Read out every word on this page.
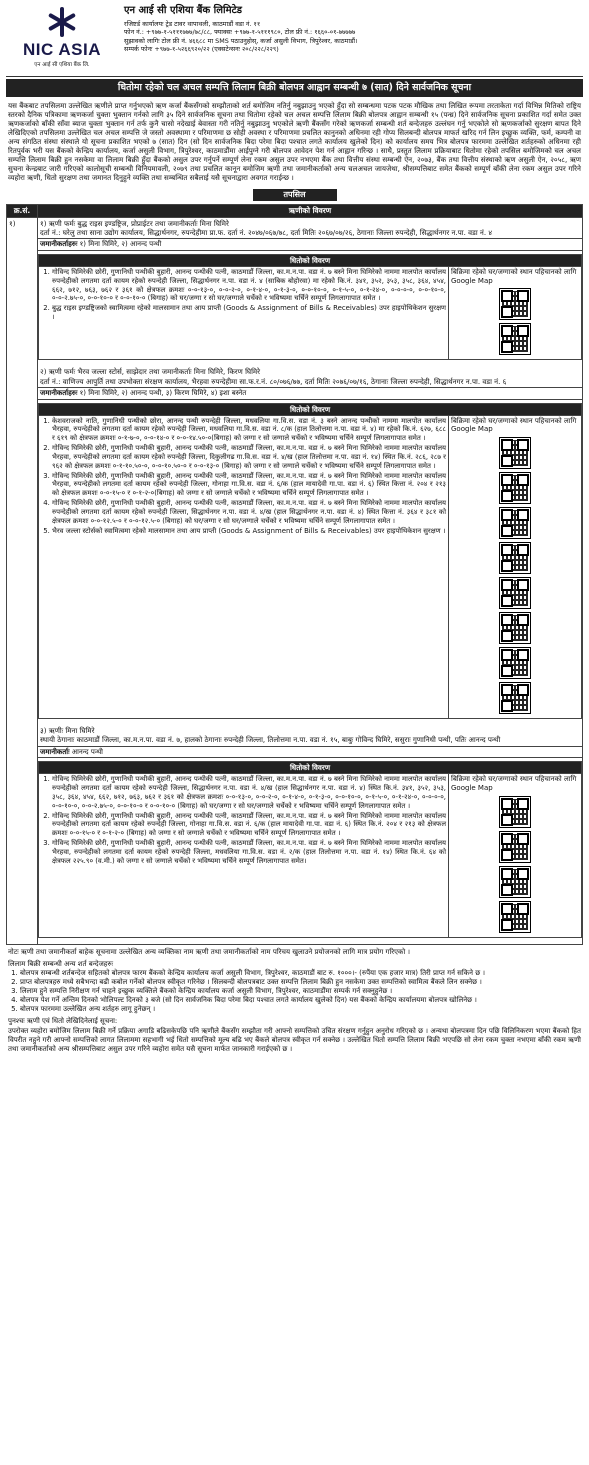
NIC ASIA
एन आई सी एशिया बैंक लि.
एन आई सी एशिया बैंक लिमिटेड
रजिष्टर्ड कार्यालयः ट्रेड टावर थापाथली, काठमाडौं वडा नं. ११
फोन नं.: +९७७-१-५१११७७७/७८/८८, फ्याक्सः +९७७-१-५१११९८०, टोल फ्री नं.: १६६०-०१-७७७७७
सुझावको लागिः टोल फ्री नं. ४६६८८ मा SMS पठाउनुहोस्, कर्जा असुली विभाग, त्रिपुरेश्वर, काठमाडौं।
सम्पर्क फोनः +९७७-१-५२६६९२०/२२ (एक्सटेन्सनः २०८/२२८/२२९)
धितोमा रहेको चल अचल सम्पत्ति लिलाम बिक्री बोलपत्र आह्वान सम्बन्धी ७ (सात) दिने सार्वजनिक सूचना
यस बैंकबाट तपसिलमा उल्लेखित ऋणीले प्राप्त गर्नुभएको ऋण कर्जा बैंकसँगको सम्झौताको शर्त बमोजिम नतिर्नु नबुझाउनु भएको हुँदा सो सम्बन्धमा पटक पटक मौखिक तथा लिखित रूपमा तरताकेता गर्दा विभिन्न मितिको राष्ट्रिय स्तरको दैनिक पत्रिकामा ऋणकर्जा चुक्ता भुक्तान गर्नको लागि ३५ दिने सार्वजनिक सूचना तथा धितोमा रहेको चल अचल सम्पत्ति लिलाम बिक्री बोलपत्र आह्वान सम्बन्धी १५ (पन्ध्र) दिने सार्वजनिक सूचना प्रकाशित गर्दा समेत उक्त ऋणकर्जाको बाँकी साँवा ब्याज चुक्ता भुक्तान गर्न तर्फ कुनै चासो नदेखाई बेवास्ता गरी नतिर्नु नबुझाउनु भएकोले ऋणी बैंकसँग गरेको ऋणकर्जा सम्बन्धी शर्त बन्देजहरु उल्लंघन गर्नु भएकोले सो ऋणकर्जाको सुरक्षण बापत दिने लेखिदिएको तपसिलमा उल्लेखित चल अचल सम्पत्ति जे जस्तो अवस्थामा र परिमाणमा छ सोही अवस्था र परिमाणमा प्रचलित कानुनको अधिनमा रही गोप्य सिलबन्दी बोलपत्र माफर्त खरिद गर्न लिन इच्छुक व्यक्ति, फर्म, कम्पनी वा अन्य संगठित संस्था संस्थाले यो सूचना प्रकाशित भएको ७ (सात) दिन (सो दिन सार्वजनिक बिदा परेमा बिदा पश्चात लगते कार्यालय खुलेको दिन) को कार्यालय समय भित्र बोलपत्र फारममा उल्लेखित शर्तहरुको अधिनमा रही रितपुर्वक भरी यस बैंकको केन्द्रिय कार्यालय, कर्जा असुली विभाग, त्रिपुरेश्वर, काठमाडौंमा आईपुग्ने गरी बोलपत्र आवेदन पेश गर्न आह्वान गरिन्छ । साथै, प्रस्तुत लिलाम प्रक्रियाबाट धितोमा रहेको तपसिल बमोजिमको चल अचल सम्पत्ति लिलाम बिक्री हुन नसकेमा वा लिलाम बिक्री हुँदा बैंकको असुल उपर गर्नुपर्ने सम्पूर्ण लेना रकम असुल उपर नभएमा बैंक तथा वित्तीय संस्था सम्बन्धी ऐन, २०७३, बैंक तथा वित्तीय संस्थाको ऋण असुली ऐन, २०५८, ऋण सुचना केन्द्रबाट जारी गरिएको कालोसूची सम्बन्धी विनियमावली, २०७९ तथा प्रचलित कानून बमोजिम ऋणी तथा जमानीकर्ताको अन्य चलअचल जायजेथा, श्रीसम्पत्तिबाट समेत बैंकको सम्पूर्ण बाँकी लेना रकम असुल उपर गरिने व्यहोरा ऋणी, धितो सुरक्षण तथा जमानत दिनुहुने व्यक्ति तथा सम्बन्धित सबैलाई यसै सूचनाद्वारा अवगत गराईन्छ ।
तपसिल
क्र.सं.	ऋणीको विवरण
१)		१) ऋणी फर्मः बुद्ध राइस इण्डष्ट्रिज, प्रोप्राईटर तथा जमानीकर्ताः मिना घिमिरे
दर्ता नं.: घरेलु तथा साना उद्योग कार्यालय, सिद्धार्थनगर, रुपन्देहीमा प्रा.फ. दर्ता नं. २०४७/०६७/७८, दर्ता मितिः २०६७/०७/२६, ठेगानाः जिल्ला रुपन्देही, सिद्धार्थनगर न.पा. वडा नं. ४
जमानीकर्ताहरुः १) मिना घिमिरे, २) आनन्द पन्थी
धितोको विवरण

1. गोविन्द घिमिरेकी छोरी, गुणानिधी पन्थीकी बुहारी, आनन्द पन्थीकी पत्नी, काठमाडौं जिल्ला, का.म.न.पा. वडा नं. ७ बस्ने मिना घिमिरेको नाममा मालपोत कार्यालय रुपन्देहीको लगतमा दर्ता कायम रहेको रुपन्देही जिल्ला, सिद्धार्थनगर न.पा. वडा नं. ४ (साबिक बोहोरवा) मा रहेको कि.नं. ३४१, ३५२, ३५३, ३५८, ३६४, ४५४, ६६२, ७१२, ७६३, ७६२ र ३६१ को क्षेत्रफल क्रमशः ०-०-१३-०, ०-०-२-०, ०-१-४-०, ०-१-३-०, ०-०-१०-०, ०-१-५-०, ०-१-२४-०, ०-०-०-०, ०-०-१०-०, ०-०-२.७५-०, ०-०-१०-० र ०-०-१०-० (बिगाह) को घर/जग्गा र सो घर/जग्गाले चर्चेको र भविष्यमा चर्चिने सम्पूर्ण लिगलागापात समेत ।
2. बुद्ध राइस इण्डष्ट्रिजको स्वामित्वमा रहेको मालसामान तथा आय प्राप्ती (Goods & Assignment of Bills & Receivables) उपर हाइपोथिकेशन सुरक्षण ।

बिक्रिमा रहेको घर/जग्गाको स्थान पहिचानको लागि Google Map
२) ऋणी फर्मः भैरव जल्ला स्टोर्स, साझेदार तथा जमानीकर्ताः मिना घिमिरे, किरण घिमिरे
दर्ता नं.: वाणिज्य आपुर्ति तथा उपभोक्ता संरक्षण कार्यालय, भैरहवा रुपन्देहीमा सा.फ.र.नं. ८०/०७६/७७, दर्ता मितिः २०७६/०७/१६, ठेगानाः जिल्ला रुपन्देही, सिद्धार्थनगर न.पा. वडा नं. ६
जमानीकर्ताहरुः १) मिना घिमिरे, २) आनन्द पन्थी, ३) किरण घिमिरे, ४) इशा बस्नेत
धितोको विवरण

1. केशवराजको नाति, गुणानिधी पन्थीको छोरा, आनन्द पन्थी रुपन्देही जिल्ला, मधवलिया गा.वि.स. वडा नं. ३ बस्ने आनन्द पन्थीको नाममा मालपोत कार्यालय भैरहवा, रुपन्देहीको लगतमा दर्ता कायम रहेको रुपन्देही जिल्ला, मधवलिया गा.वि.स. वडा नं. ८/क (हाल तिलोत्तमा न.पा. वडा नं. ४) मा रहेको कि.नं. ६२७, ६८८ र ६१९ को क्षेत्रफल क्रमशः ०-१-७-०, ०-०-१४-० र ०-०-१४.५०-०(बिगाह) को जग्गा र सो जग्गाले चर्चेको र भविष्यमा चर्चिने सम्पूर्ण लिगलागापात समेत ।
2. गोविन्द घिमिरेकी छोरी, गुणानिधी पन्थीकी बुहारी, आनन्द पन्थीकी पत्नी, काठमाडौं जिल्ला, का.म.न.पा. वडा नं. ७ बस्ने मिना घिमिरेको नाममा मालपोत कार्यालय भैरहवा, रुपन्देहीको लगतमा दर्ता कायम रहेको रुपन्देही जिल्ला, दिकुलीगढ गा.वि.स. वडा नं. ४/ख (हाल तिलोत्तमा न.पा. वडा नं. १४) स्थित कि.नं. २८६, २८७ र ९६२ को क्षेत्रफल क्रमशः ०-१-१०.५०-०, ०-०-१०.५०-० र ०-०-१३-० (बिगाह) को जग्गा र सो जग्गाले चर्चेको र भविष्यमा चर्चिने सम्पूर्ण लिगलागापात समेत ।
3. गोविन्द घिमिरेकी छोरी, गुणानिधी पन्थीकी बुहारी, आनन्द पन्थीकी पत्नी, काठमाडौं जिल्ला, का.म.न.पा. वडा नं. ७ बस्ने मिना घिमिरेको नाममा मालपोत कार्यालय भैरहवा, रुपन्देहीको लगतमा दर्ता कायम रहेको रुपन्देही जिल्ला, गोनाहा गा.वि.स. वडा नं. ६/क (हाल मायादेवी गा.पा. वडा नं. ६) स्थित कित्ता नं. २०४ र २१३ को क्षेत्रफल क्रमशः ०-०-१५-० र ०-१-२-०(बिगाह) को जग्गा र सो जग्गाले चर्चेको र भविष्यमा चर्चिने सम्पूर्ण लिगलागापात समेत ।
4. गोविन्द घिमिरेकी छोरी, गुणानिधी पन्थीकी बुहारी, आनन्द पन्थीकी पत्नी, काठमाडौं जिल्ला, का.म.न.पा. वडा नं. ७ बस्ने मिना घिमिरेको नाममा मालपोत कार्यालय रुपन्देहीको लगतमा दर्ता कायम रहेको रुपन्देही जिल्ला, सिद्धार्थनगर न.पा. वडा नं. ४/ख (हाल सिद्धार्थनगर न.पा. वडा नं. ४) स्थित कित्ता नं. ३६४ र ३८१ को क्षेत्रफल क्रमशः ०-०-१२.५-० र ०-०-१२.५-० (बिगाह) को घर/जग्गा र सो घर/जग्गाले चर्चेको र भविष्यमा चर्चिने सम्पूर्ण लिगलागापात समेत ।
5. भैरव जल्ला स्टोर्सको स्वामित्वमा रहेको मालसामान तथा आय प्राप्ती (Goods & Assignment of Bills & Receivables) उपर हाइपोथिकेशन सुरक्षण ।

बिक्रिमा रहेको घर/जग्गाको स्थान पहिचानको लागि Google Map
३) ऋणीः मिना घिमिरे
स्थायी ठेगानाः काठमाडौं जिल्ला, का.म.न.पा. वडा नं. ७, हालको ठेगानाः रुपन्देही जिल्ला, तिलोत्तमा न.पा. वडा नं. १५, बाबुः गोविन्द घिमिरे, ससुराः गुणानिधी पन्थी, पतिः आनन्द पन्थी
जमानीकर्ताः आनन्द पन्थी
धितोको विवरण

1. गोविन्द घिमिरेकी छोरी, गुणानिधी पन्थीकी बुहारी, आनन्द पन्थीकी पत्नी, काठमाडौं जिल्ला, का.म.न.पा. वडा नं. ७ बस्ने मिना घिमिरेको नाममा मालपोत कार्यालय रुपन्देहीको लगतमा दर्ता कायम रहेको रुपन्देही जिल्ला, सिद्धार्थनगर न.पा. वडा नं. ४/ख (हाल सिद्धार्थनगर न.पा. वडा नं. ४) स्थित कि.नं. ३४१, ३५२, ३५३, ३५८, ३६४, ४५४, ६६२, ७१२, ७६३, ७६२ र ३६१ को क्षेत्रफल क्रमशः ०-०-१३-०, ०-०-२-०, ०-१-४-०, ०-१-३-०, ०-०-१०-०, ०-१-५-०, ०-१-२४-०, ०-०-०-०, ०-०-१०-०, ०-०-२.७५-०, ०-०-१०-० र ०-०-१०-० (बिगाह) को घर/जग्गा र सो घर/जग्गाले चर्चेको र भविष्यमा चर्चिने सम्पूर्ण लिगलागापात समेत ।
2. गोविन्द घिमिरेकी छोरी, गुणानिधी पन्थीकी बुहारी, आनन्द पन्थीकी पत्नी, काठमाडौं जिल्ला, का.म.न.पा. वडा नं. ७ बस्ने मिना घिमिरेको नाममा मालपोत कार्यालय रुपन्देहीको लगतमा दर्ता कायम रहेको रुपन्देही जिल्ला, गोनाहा गा.वि.स. वडा नं. ६/क (हाल मायादेवी गा.पा. वडा नं. ६) स्थित कि.नं. २०४ र २१३ को क्षेत्रफल क्रमशः ०-०-१५-० र ०-१-२-० (बिगाह) को जग्गा र सो जग्गाले चर्चेको र भविष्यमा चर्चिने सम्पूर्ण लिगलागापात समेत ।
3. गोविन्द घिमिरेकी छोरी, गुणानिधी पन्थीकी बुहारी, आनन्द पन्थीकी पत्नी, काठमाडौं जिल्ला, का.म.न.पा. वडा नं. ७ बस्ने मिना घिमिरेको नाममा मालपोत कार्यालय भैरहवा, रुपन्देहीको लगतमा दर्ता कायम रहेको रुपन्देही जिल्ला, मधवलिया गा.वि.स. वडा नं. २/क (हाल तिलोत्तमा न.पा. वडा नं. १४) स्थित कि.नं. ६४ को क्षेत्रफल २२५.९० (व.मी.) को जग्गा र सो जग्गाले चर्चेको र भविष्यमा चर्चिने सम्पूर्ण लिगलागापात समेत।

बिक्रिमा रहेको घर/जग्गाको स्थान पहिचानको लागि Google Map
नोटः ऋणी तथा जमानीकर्ता बाहेक सूचनामा उल्लेखित अन्य व्यक्तिका नाम ऋणी तथा जमानीकर्ताको नाम परिचय खुलाउने प्रयोजनको लागि मात्र प्रयोग गरिएको ।
लिलाम बिक्री सम्बन्धी अन्य शर्त बन्देजहरुः
1. बोलपत्र सम्बन्धी शर्तबन्देज सहितको बोलपत्र फारम बैंकको केन्द्रिय कार्यालय कर्जा असुली विभाग, त्रिपुरेश्वर, काठमाडौं बाट रु. १०००।- (रुपैंया एक हजार मात्र) तिरी प्राप्त गर्न सकिने छ ।
2. प्राप्त बोलपत्रहरु मध्ये सबैभन्दा बढी कबोल गर्नेको बोलपत्र स्वीकृत गरिनेछ । सिलबन्दी बोलपत्रबाट उक्त सम्पत्ति लिलाम बिक्री हुन नसकेमा उक्त सम्पत्तिको स्वामित्व बैंकले लिन सक्नेछ ।
3. लिलाम हुने सम्पत्ति निरीक्षण गर्न चाहने इच्छुक व्यक्तिले बैंकको केन्द्रिय कार्यालय कर्जा असुली विभाग, त्रिपुरेश्वर, काठमाडौंमा सम्पर्क गर्न सक्नुहुनेछ ।
4. बोलपत्र पेश गर्ने अन्तिम दिनको भोलिपल्ट दिनको ३ बजे (सो दिन सार्वजनिक बिदा परेमा बिदा पश्चात लगते कार्यालय खुलेको दिन) यस बैंकको केन्द्रिय कार्यालयमा बोलपत्र खोलिनेछ ।
5. बोलपत्र फारममा उल्लेखित अन्य शर्तहरु लागू हुनेछन् ।
पुनश्चः ऋणी एवं धितो लेखिदिनेलाई सूचना:
उपरोक्त व्यहोरा बमोजिम लिलाम बिक्री गर्ने प्रक्रिया अगाडि बढिसकेपछि पनि ऋणीले बैंकसँग सम्झौता गरी आफ्नो सम्पत्तिको उचित संरक्षण गर्नुहुन अनुरोध गरिएको छ । अन्यथा बोलपत्रमा दिन पछि विलिनिकरण भएमा बैंकको हित विपरीत नहुने गरी आफ्नो सम्पत्तिको लागत लिलाममा सहभागी भई धितो सम्पत्तिको मूल्य बढि भए बैंकले बोलपत्र स्वीकृत गर्न सक्नेछ । उल्लेखित धितो सम्पत्ति लिलाम बिक्री भएपछि सो लेना रकम चुक्ता नभएमा बाँकी रकम ऋणी तथा जमानीकर्ताको अन्य श्रीसम्पत्तिबाट असुल उपर गरिने व्यहोरा समेत यसै सूचना मार्फत जानकारी गराईएको छ ।
